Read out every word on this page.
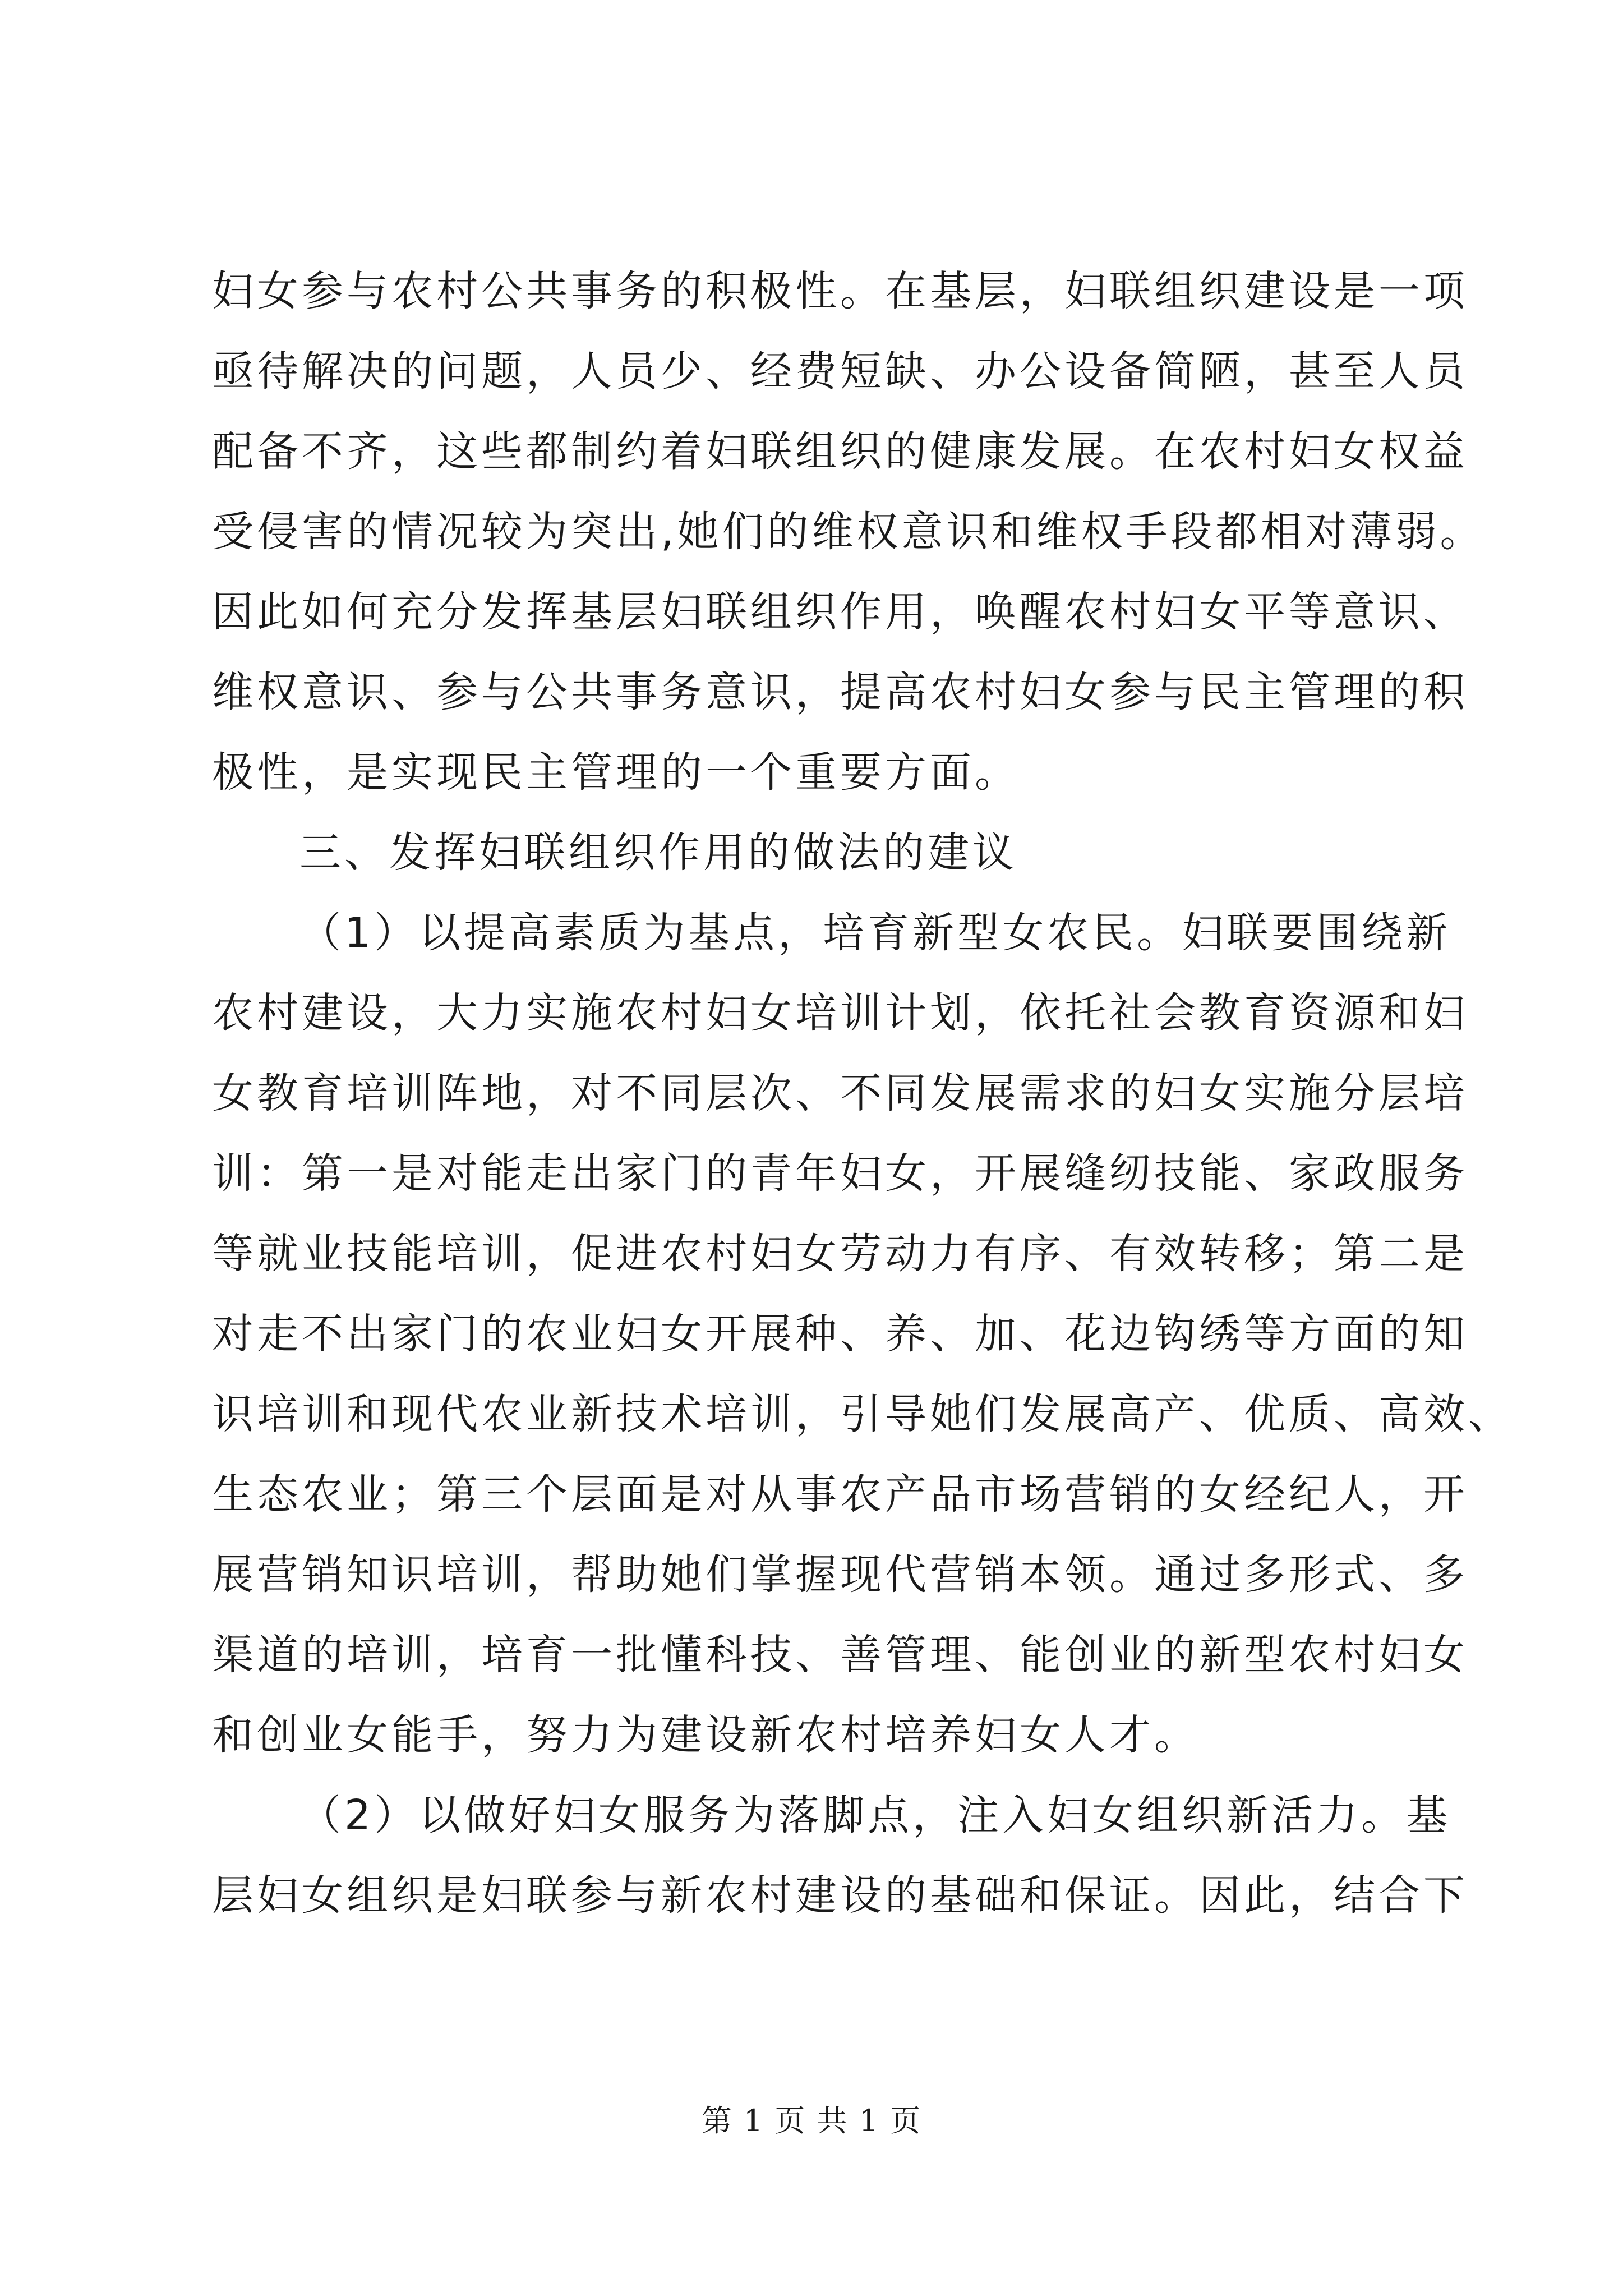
妇女参与农村公共事务的积极性。在基层，妇联组织建设是一项
亟待解决的问题，人员少、经费短缺、办公设备简陋，甚至人员
配备不齐，这些都制约着妇联组织的健康发展。在农村妇女权益
受侵害的情况较为突出,她们的维权意识和维权手段都相对薄弱。
因此如何充分发挥基层妇联组织作用，唤醒农村妇女平等意识、
维权意识、参与公共事务意识，提高农村妇女参与民主管理的积
极性，是实现民主管理的一个重要方面。
三、发挥妇联组织作用的做法的建议
（1）以提高素质为基点，培育新型女农民。妇联要围绕新
农村建设，大力实施农村妇女培训计划，依托社会教育资源和妇
女教育培训阵地，对不同层次、不同发展需求的妇女实施分层培
训：第一是对能走出家门的青年妇女，开展缝纫技能、家政服务
等就业技能培训，促进农村妇女劳动力有序、有效转移；第二是
对走不出家门的农业妇女开展种、养、加、花边钩绣等方面的知
识培训和现代农业新技术培训，引导她们发展高产、优质、高效、
生态农业；第三个层面是对从事农产品市场营销的女经纪人，开
展营销知识培训，帮助她们掌握现代营销本领。通过多形式、多
渠道的培训，培育一批懂科技、善管理、能创业的新型农村妇女
和创业女能手，努力为建设新农村培养妇女人才。
（2）以做好妇女服务为落脚点，注入妇女组织新活力。基
层妇女组织是妇联参与新农村建设的基础和保证。因此，结合下
第 1 页 共 1 页
